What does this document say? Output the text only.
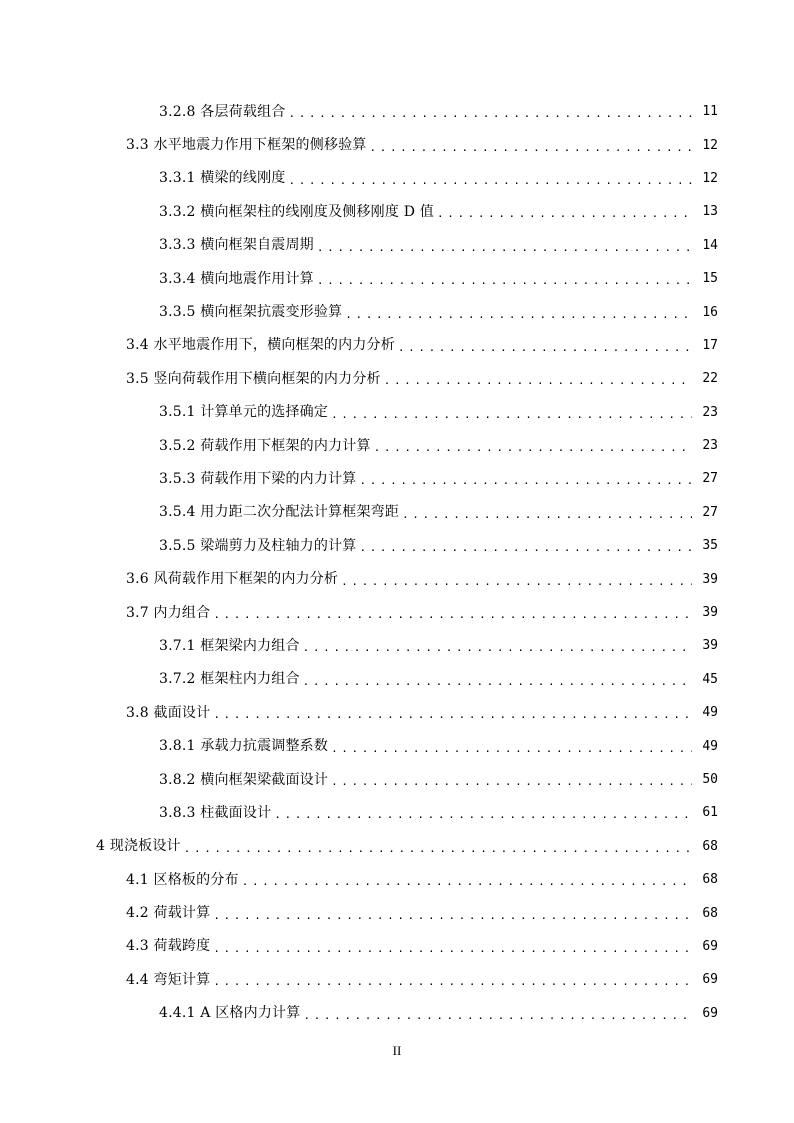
3.2.8 各层荷载组合 .....	11
3.3 水平地震力作用下框架的侧移验算 .....	12
3.3.1 横梁的线刚度 .....	12
3.3.2 横向框架柱的线刚度及侧移刚度 D 值 .....	13
3.3.3 横向框架自震周期 .....	14
3.3.4 横向地震作用计算 .....	15
3.3.5 横向框架抗震变形验算 .....	16
3.4 水平地震作用下，横向框架的内力分析 .....	17
3.5 竖向荷载作用下横向框架的内力分析 .....	22
3.5.1 计算单元的选择确定 .....	23
3.5.2 荷载作用下框架的内力计算 .....	23
3.5.3 荷载作用下梁的内力计算 .....	27
3.5.4 用力距二次分配法计算框架弯距 .....	27
3.5.5 梁端剪力及柱轴力的计算 .....	35
3.6 风荷载作用下框架的内力分析 .....	39
3.7 内力组合 .....	39
3.7.1 框架梁内力组合 .....	39
3.7.2 框架柱内力组合 .....	45
3.8 截面设计 .....	49
3.8.1 承载力抗震调整系数 .....	49
3.8.2 横向框架梁截面设计 .....	50
3.8.3 柱截面设计 .....	61
4 现浇板设计 .....	68
4.1 区格板的分布 .....	68
4.2 荷载计算 .....	68
4.3 荷载跨度 .....	69
4.4 弯矩计算 .....	69
4.4.1 A 区格内力计算 .....	69
II
